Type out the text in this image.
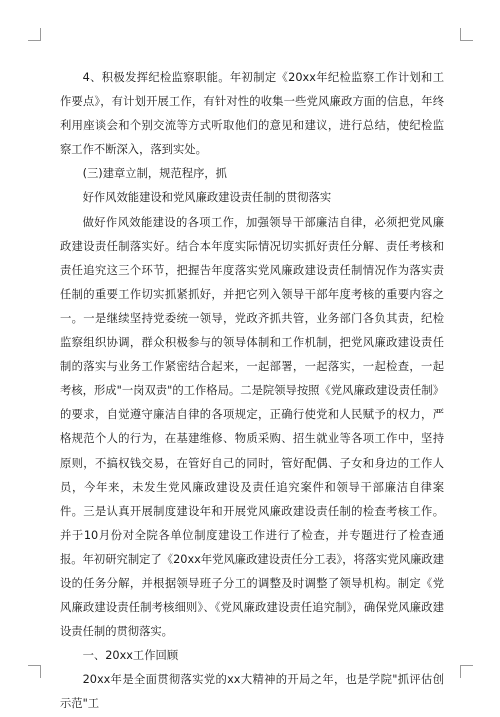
4、积极发挥纪检监察职能。年初制定《20xx年纪检监察工作计划和工作要点》，有计划开展工作，有针对性的收集一些党风廉政方面的信息，年终利用座谈会和个别交流等方式听取他们的意见和建议，进行总结，使纪检监察工作不断深入，落到实处。

(三)建章立制，规范程序，抓

好作风效能建设和党风廉政建设责任制的贯彻落实

做好作风效能建设的各项工作，加强领导干部廉洁自律，必须把党风廉政建设责任制落实好。结合本年度实际情况切实抓好责任分解、责任考核和责任追究这三个环节，把握告年度落实党风廉政建设责任制情况作为落实责任制的重要工作切实抓紧抓好，并把它列入领导干部年度考核的重要内容之一。一是继续坚持党委统一领导，党政齐抓共管，业务部门各负其责，纪检监察组织协调，群众积极参与的领导体制和工作机制，把党风廉政建设责任制的落实与业务工作紧密结合起来，一起部署，一起落实，一起检查，一起考核，形成"一岗双责"的工作格局。二是院领导按照《党风廉政建设责任制》的要求，自觉遵守廉洁自律的各项规定，正确行使党和人民赋予的权力，严格规范个人的行为，在基建维修、物质采购、招生就业等各项工作中，坚持原则，不搞权钱交易，在管好自己的同时，管好配偶、子女和身边的工作人员，今年来，未发生党风廉政建设及责任追究案件和领导干部廉洁自律案件。三是认真开展制度建设年和开展党风廉政建设责任制的检查考核工作。并于10月份对全院各单位制度建设工作进行了检查，并专题进行了检查通报。年初研究制定了《20xx年党风廉政建设责任分工表》，将落实党风廉政建设的任务分解，并根据领导班子分工的调整及时调整了领导机构。制定《党风廉政建设责任制考核细则》、《党风廉政建设责任追究制》，确保党风廉政建设责任制的贯彻落实。

一、20xx工作回顾

20xx年是全面贯彻落实党的xx大精神的开局之年，也是学院"抓评估创示范"工
